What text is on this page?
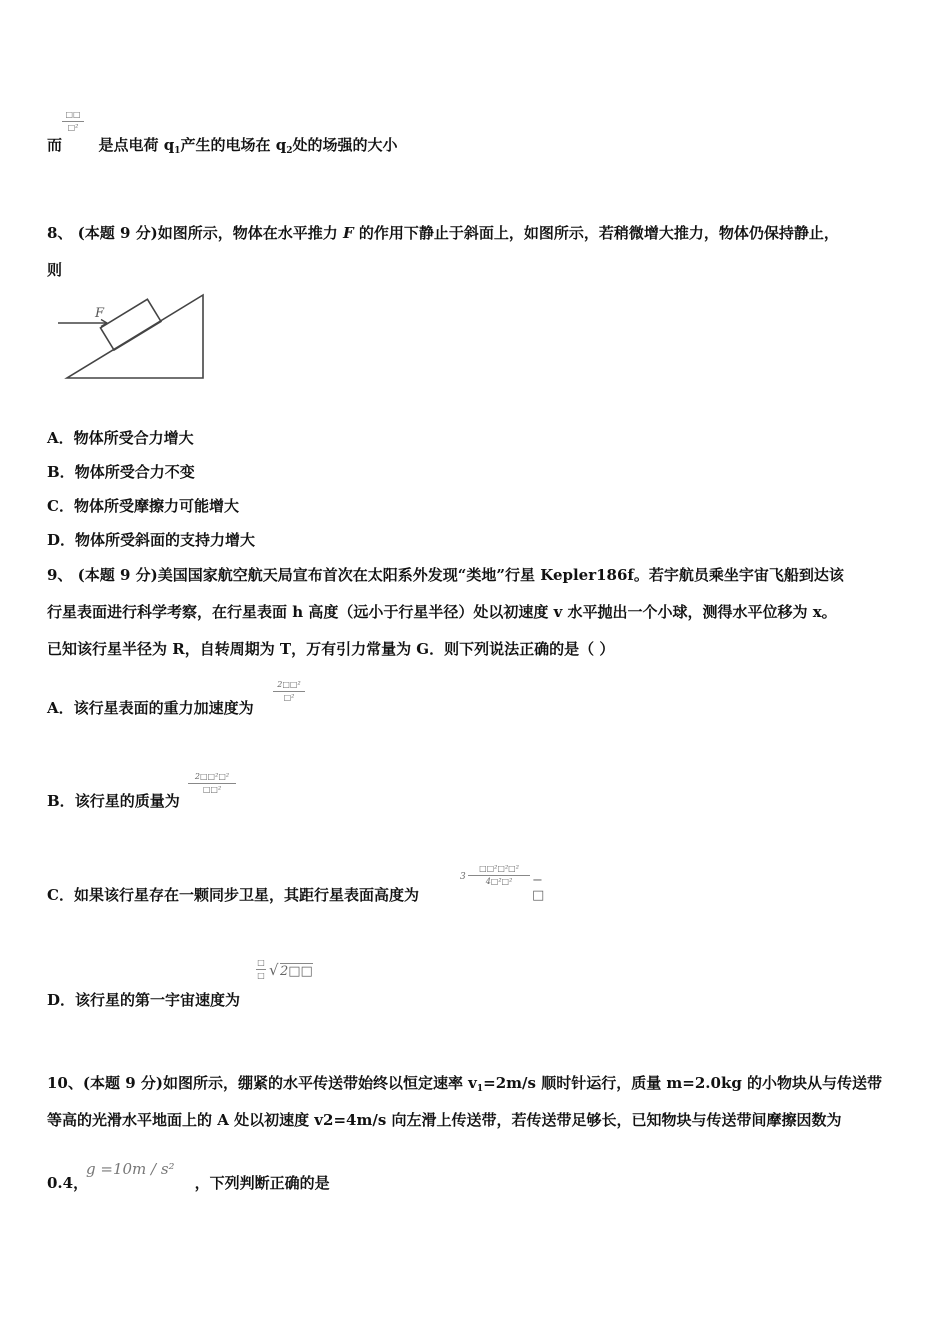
□□
□²
而 是点电荷 $q_1$产生的电场在 $q_2$处的场强的大小
8、 (本题 9 分)如图所示，物体在水平推力 F 的作用下静止于斜面上，如图所示，若稍微增大推力，物体仍保持静止，
则
F
A．物体所受合力增大
B．物体所受合力不变
C．物体所受摩擦力可能增大
D．物体所受斜面的支持力增大
9、 (本题 9 分)美国国家航空航天局宣布首次在太阳系外发现“类地”行星 Kepler186f。若宇航员乘坐宇宙飞船到达该
行星表面进行科学考察，在行星表面 h 高度（远小于行星半径）处以初速度 v 水平抛出一个小球，测得水平位移为 x。
已知该行星半径为 R，自转周期为 T，万有引力常量为 G．则下列说法正确的是（ ）
A．该行星表面的重力加速度为
2□□²
□²
B．该行星的质量为
2□□²□²
□□²
C．如果该行星存在一颗同步卫星，其距行星表面高度为
3
□□²□²□²
4□²□²	− □
D．该行星的第一宇宙速度为
□
□ √ 2□□
10、(本题 9 分)如图所示，绷紧的水平传送带始终以恒定速率 $v_1=2m/s$ 顺时针运行，质量 m=2.0kg 的小物块从与传送带
等高的光滑水平地面上的 A 处以初速度 v2=4m/s 向左滑上传送带，若传送带足够长，已知物块与传送带间摩擦因数为
0.4，	，下列判断正确的是
g =10m / s²
